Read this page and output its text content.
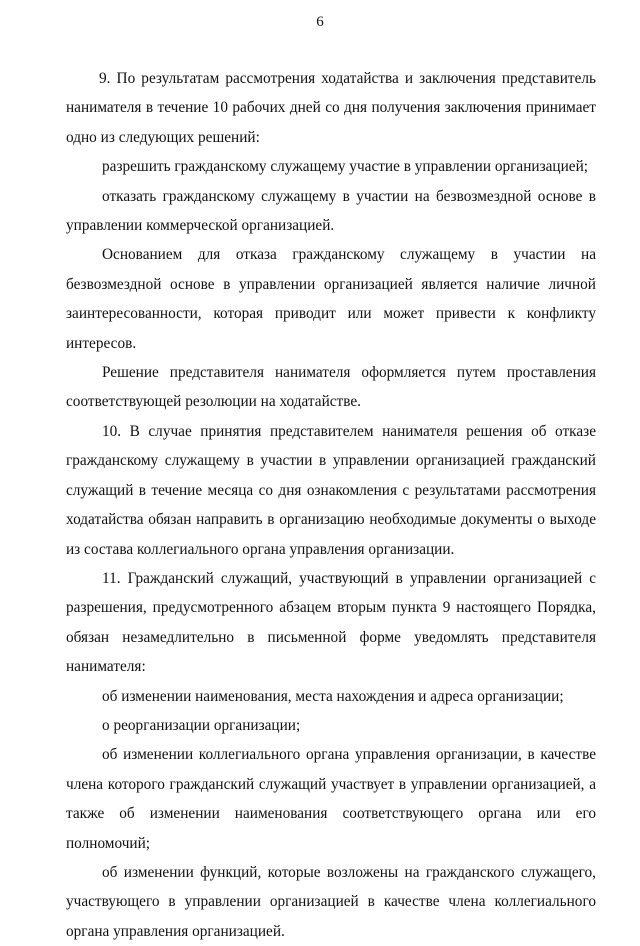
6

9. По результатам рассмотрения ходатайства и заключения представитель нанимателя в течение 10 рабочих дней со дня получения заключения принимает одно из следующих решений:

разрешить гражданскому служащему участие в управлении организацией;

отказать гражданскому служащему в участии на безвозмездной основе в управлении коммерческой организацией.

Основанием для отказа гражданскому служащему в участии на безвозмездной основе в управлении организацией является наличие личной заинтересованности, которая приводит или может привести к конфликту интересов.

Решение представителя нанимателя оформляется путем проставления соответствующей резолюции на ходатайстве.

10. В случае принятия представителем нанимателя решения об отказе гражданскому служащему в участии в управлении организацией гражданский служащий в течение месяца со дня ознакомления с результатами рассмотрения ходатайства обязан направить в организацию необходимые документы о выходе из состава коллегиального органа управления организации.

11. Гражданский служащий, участвующий в управлении организацией с разрешения, предусмотренного абзацем вторым пункта 9 настоящего Порядка, обязан незамедлительно в письменной форме уведомлять представителя нанимателя:

об изменении наименования, места нахождения и адреса организации;

о реорганизации организации;

об изменении коллегиального органа управления организации, в качестве члена которого гражданский служащий участвует в управлении организацией, а также об изменении наименования соответствующего органа или его полномочий;

об изменении функций, которые возложены на гражданского служащего, участвующего в управлении организацией в качестве члена коллегиального органа управления организацией.
